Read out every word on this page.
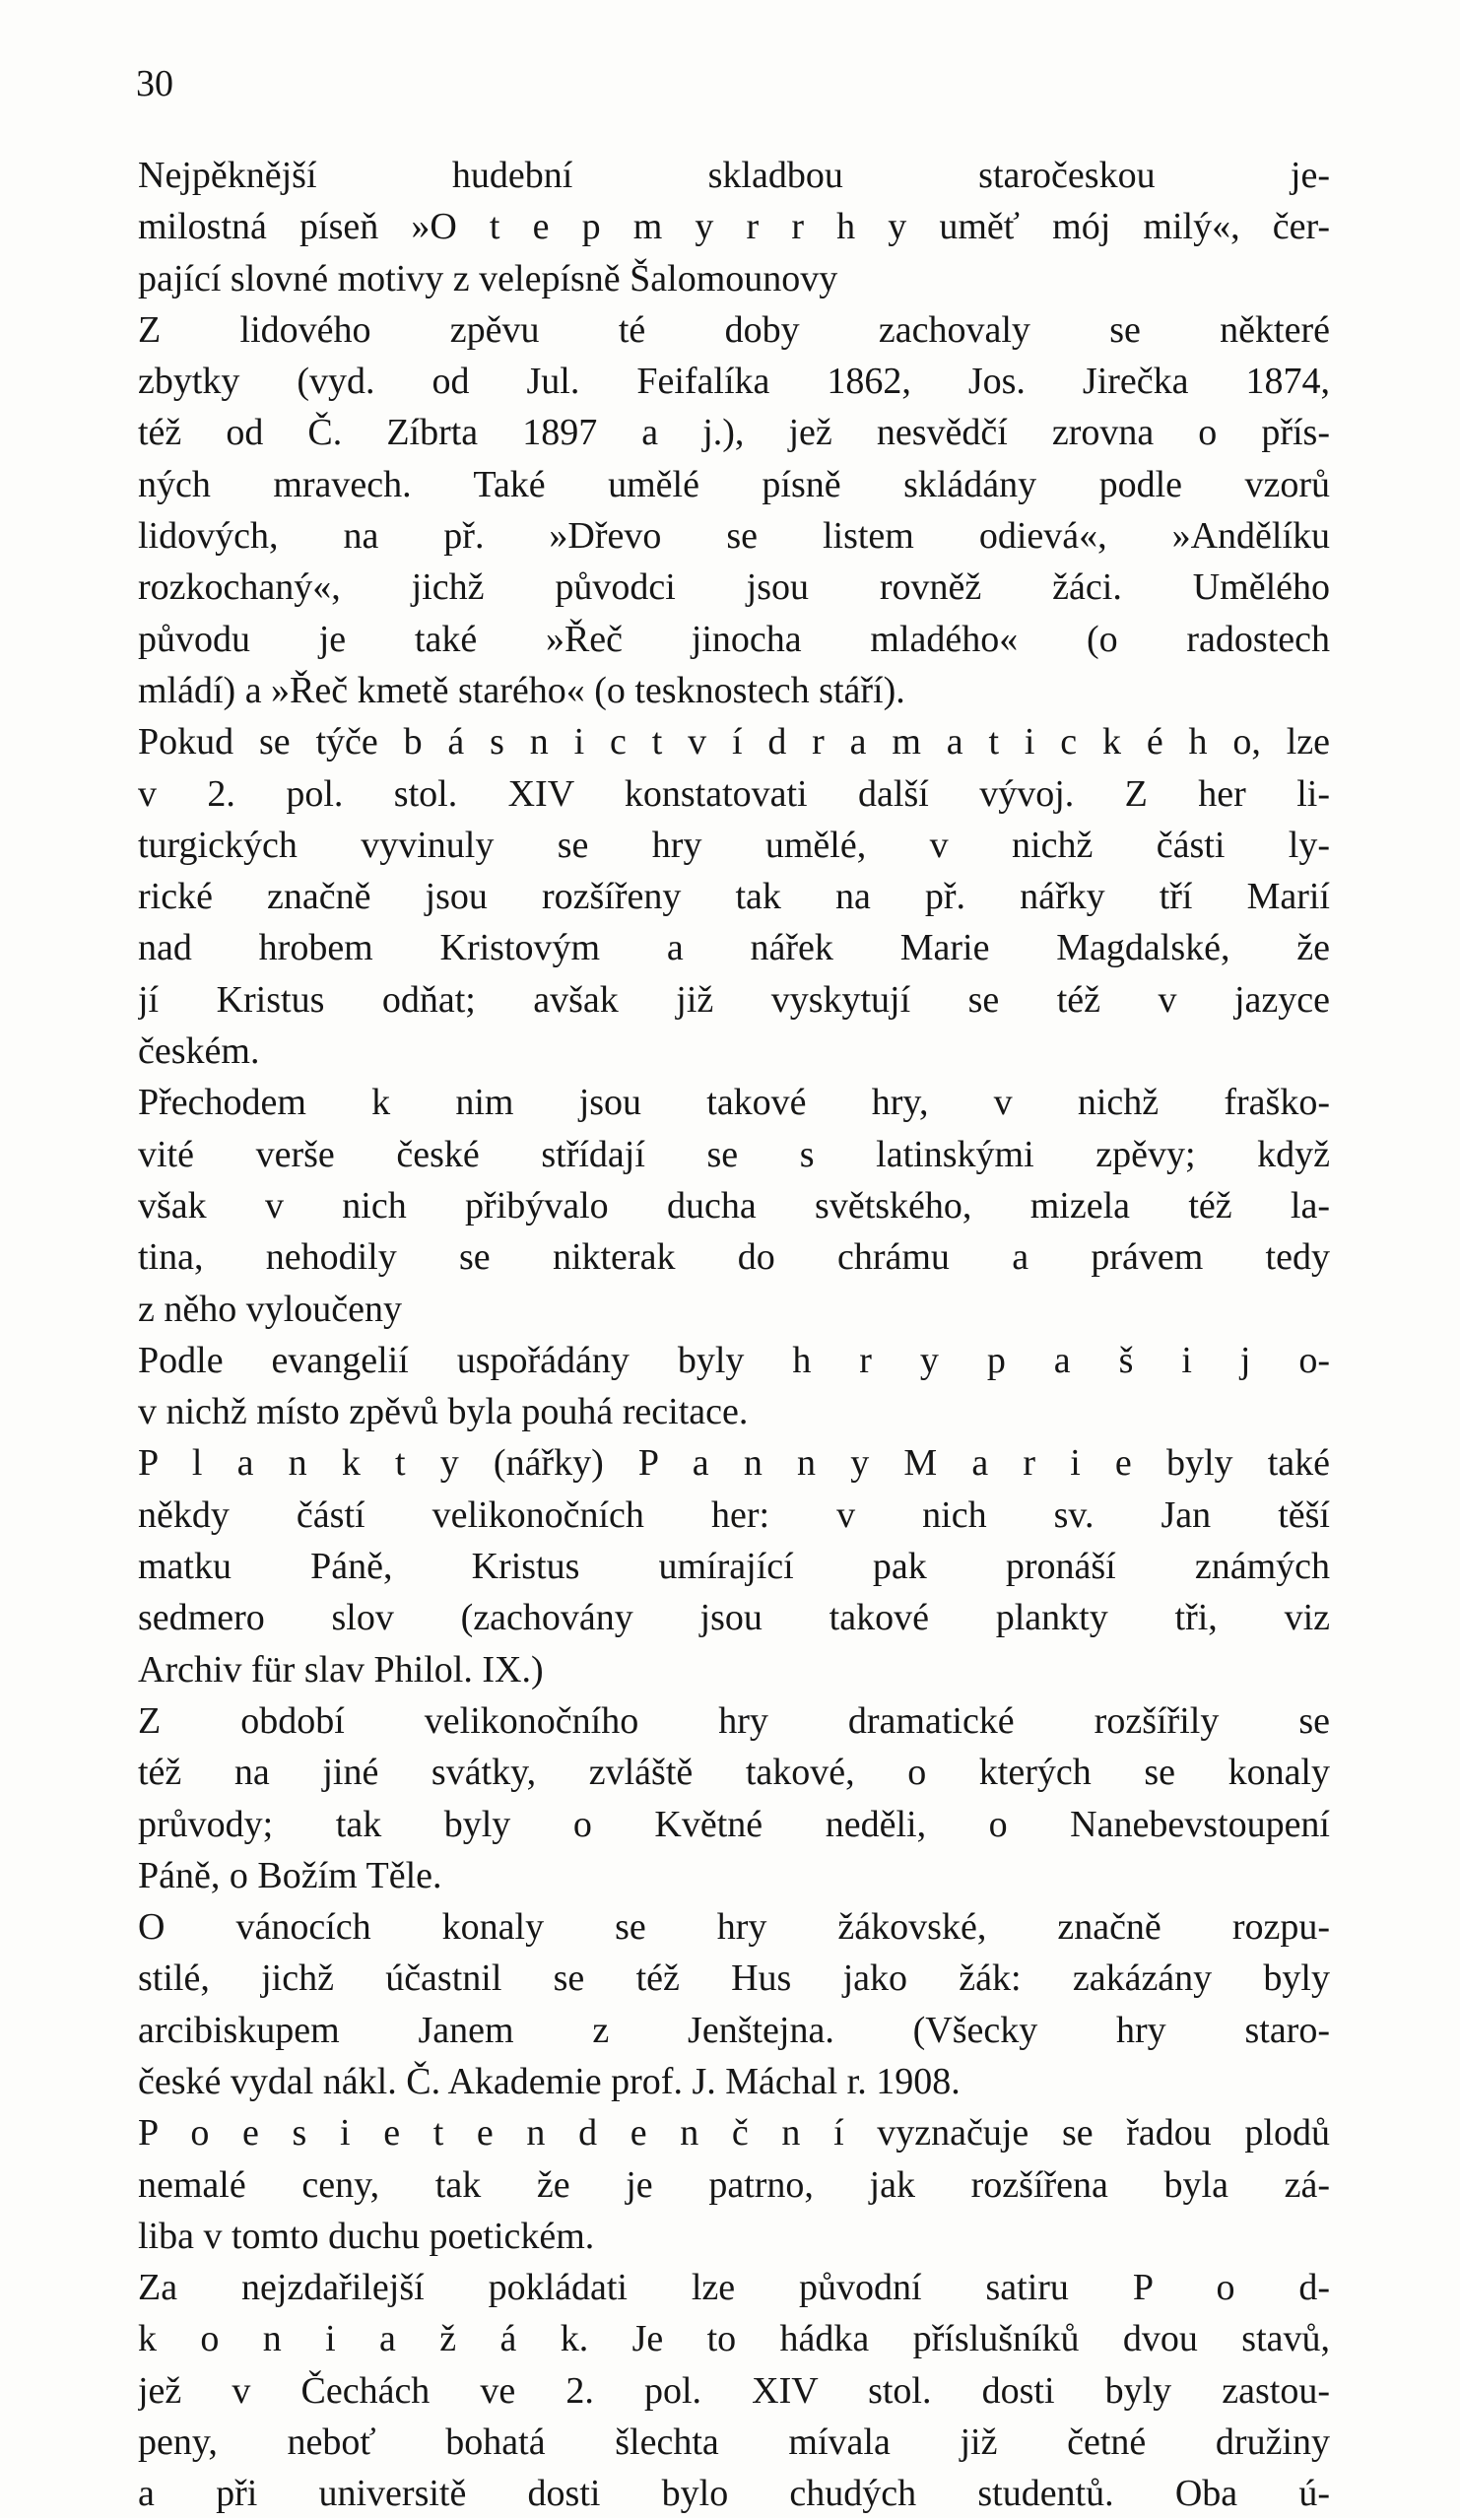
30
Nejpěknější hudební skladbou staročeskou je-
milostná píseň »O t e p m y r r h y uměť mój milý«, čer-
pající slovné motivy z velepísně Šalomounovy
Z lidového zpěvu té doby zachovaly se některé
zbytky (vyd. od Jul. Feifalíka 1862, Jos. Jirečka 1874,
též od Č. Zíbrta 1897 a j.), jež nesvědčí zrovna o přís-
ných mravech. Také umělé písně skládány podle vzorů
lidových, na př. »Dřevo se listem odievá«, »Andělíku
rozkochaný«, jichž původci jsou rovněž žáci. Umělého
původu je také »Řeč jinocha mladého« (o radostech
mládí) a »Řeč kmetě starého« (o tesknostech stáří).
Pokud se týče b á s n i c t v í d r a m a t i c k é h o, lze
v 2. pol. stol. XIV konstatovati další vývoj. Z her li-
turgických vyvinuly se hry umělé, v nichž části ly-
rické značně jsou rozšířeny tak na př. nářky tří Marií
nad hrobem Kristovým a nářek Marie Magdalské, že
jí Kristus odňat; avšak již vyskytují se též v jazyce
českém.
Přechodem k nim jsou takové hry, v nichž fraško-
vité verše české střídají se s latinskými zpěvy; když
však v nich přibývalo ducha světského, mizela též la-
tina, nehodily se nikterak do chrámu a právem tedy
z něho vyloučeny
Podle evangelií uspořádány byly h r y p a š i j o-
v nichž místo zpěvů byla pouhá recitace.
P l a n k t y (nářky) P a n n y M a r i e byly také
někdy částí velikonočních her: v nich sv. Jan těší
matku Páně, Kristus umírající pak pronáší známých
sedmero slov (zachovány jsou takové plankty tři, viz
Archiv für slav Philol. IX.)
Z období velikonočního hry dramatické rozšířily se
též na jiné svátky, zvláště takové, o kterých se konaly
průvody; tak byly o Květné neděli, o Nanebevstoupení
Páně, o Božím Těle.
O vánocích konaly se hry žákovské, značně rozpu-
stilé, jichž účastnil se též Hus jako žák: zakázány byly
arcibiskupem Janem z Jenštejna. (Všecky hry staro-
české vydal nákl. Č. Akademie prof. J. Máchal r. 1908.
P o e s i e t e n d e n č n í vyznačuje se řadou plodů
nemalé ceny, tak že je patrno, jak rozšířena byla zá-
liba v tomto duchu poetickém.
Za nejzdařilejší pokládati lze původní satiru P o d-
k o n i a ž á k. Je to hádka příslušníků dvou stavů,
jež v Čechách ve 2. pol. XIV stol. dosti byly zastou-
peny, neboť bohatá šlechta mívala již četné družiny
a při universitě dosti bylo chudých studentů. Oba ú-
